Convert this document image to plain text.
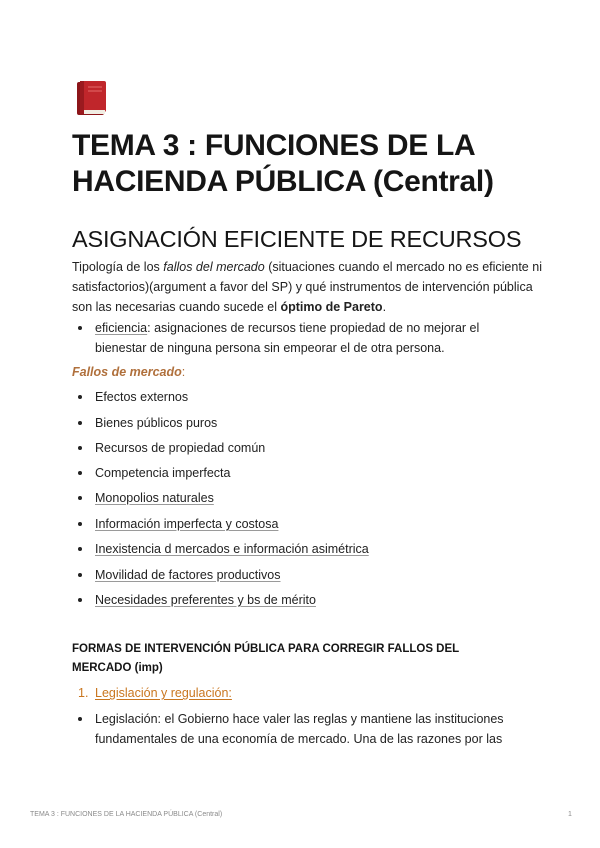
TEMA 3 : FUNCIONES DE LA HACIENDA PÚBLICA (Central)
ASIGNACIÓN EFICIENTE DE RECURSOS
Tipología de los fallos del mercado (situaciones cuando el mercado no es eficiente ni satisfactorios)(argument a favor del SP) y qué instrumentos de intervención pública son las necesarias cuando sucede el óptimo de Pareto.
eficiencia: asignaciones de recursos tiene propiedad de no mejorar el bienestar de ninguna persona sin empeorar el de otra persona.
Fallos de mercado:
Efectos externos
Bienes públicos puros
Recursos de propiedad común
Competencia imperfecta
Monopolios naturales
Información imperfecta y costosa
Inexistencia d mercados e información asimétrica
Movilidad de factores productivos
Necesidades preferentes y bs de mérito
FORMAS DE INTERVENCIÓN PÚBLICA PARA CORREGIR FALLOS DEL MERCADO (imp)
1. Legislación y regulación:
Legislación: el Gobierno hace valer las reglas y mantiene las instituciones fundamentales de una economía de mercado. Una de las razones por las
TEMA 3 : FUNCIONES DE LA HACIENDA PÚBLICA (Central)	1
